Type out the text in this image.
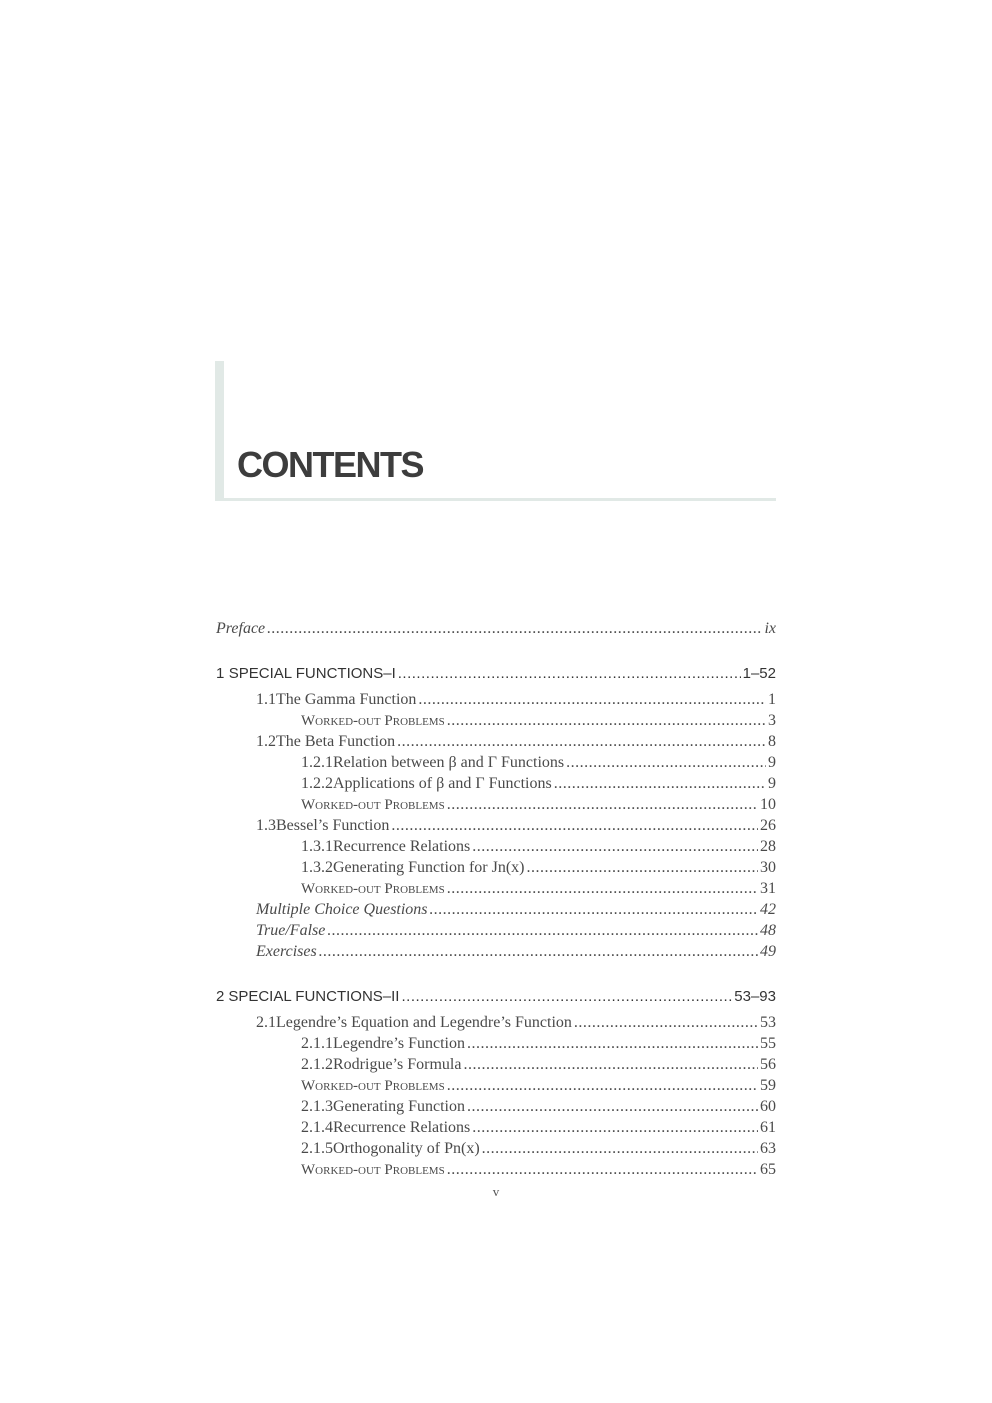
CONTENTS
Preface .....	ix
1 SPECIAL FUNCTIONS–I .....	1–52
1.1 The Gamma Function .....	1
Worked-out Problems .....	3
1.2 The Beta Function .....	8
1.2.1 Relation between β and Γ Functions .....	9
1.2.2 Applications of β and Γ Functions .....	9
Worked-out Problems .....	10
1.3 Bessel’s Function .....	26
1.3.1 Recurrence Relations .....	28
1.3.2 Generating Function for Jn(x) .....	30
Worked-out Problems .....	31
Multiple Choice Questions .....	42
True/False .....	48
Exercises .....	49
2 SPECIAL FUNCTIONS–II .....	53–93
2.1 Legendre’s Equation and Legendre’s Function .....	53
2.1.1 Legendre’s Function .....	55
2.1.2 Rodrigue’s Formula .....	56
Worked-out Problems .....	59
2.1.3 Generating Function .....	60
2.1.4 Recurrence Relations .....	61
2.1.5 Orthogonality of Pn(x) .....	63
Worked-out Problems .....	65
v
